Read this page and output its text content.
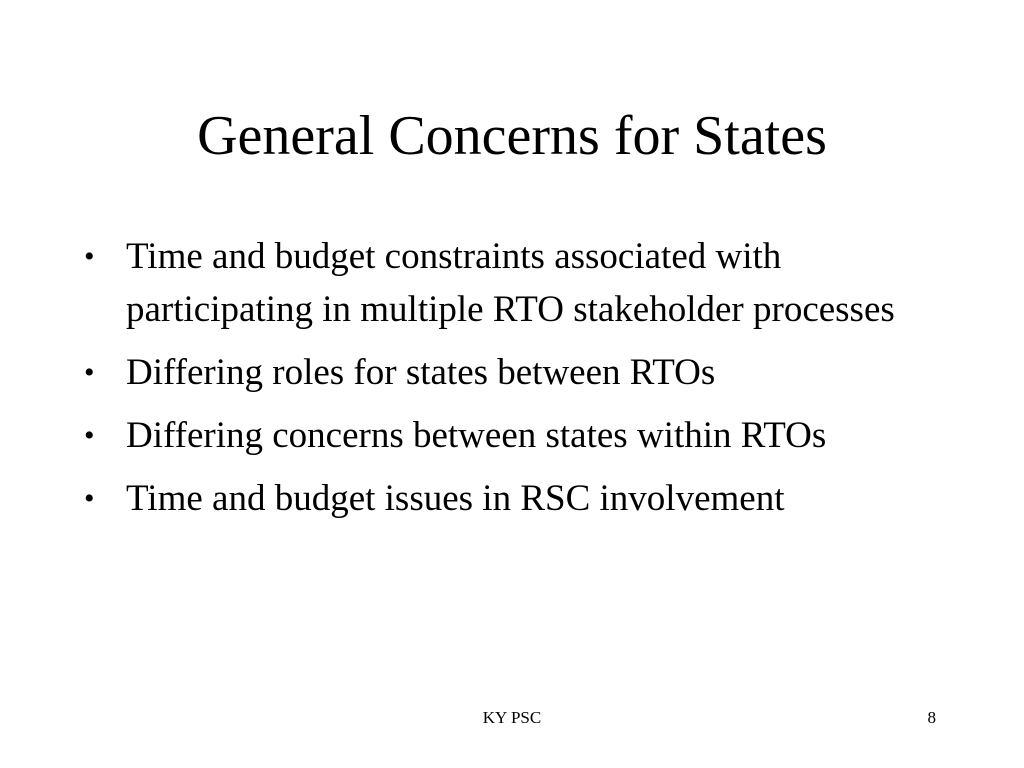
General Concerns for States
• Time and budget constraints associated with participating in multiple RTO stakeholder processes
• Differing roles for states between RTOs
• Differing concerns between states within RTOs
• Time and budget issues in RSC involvement
KY PSC	8
